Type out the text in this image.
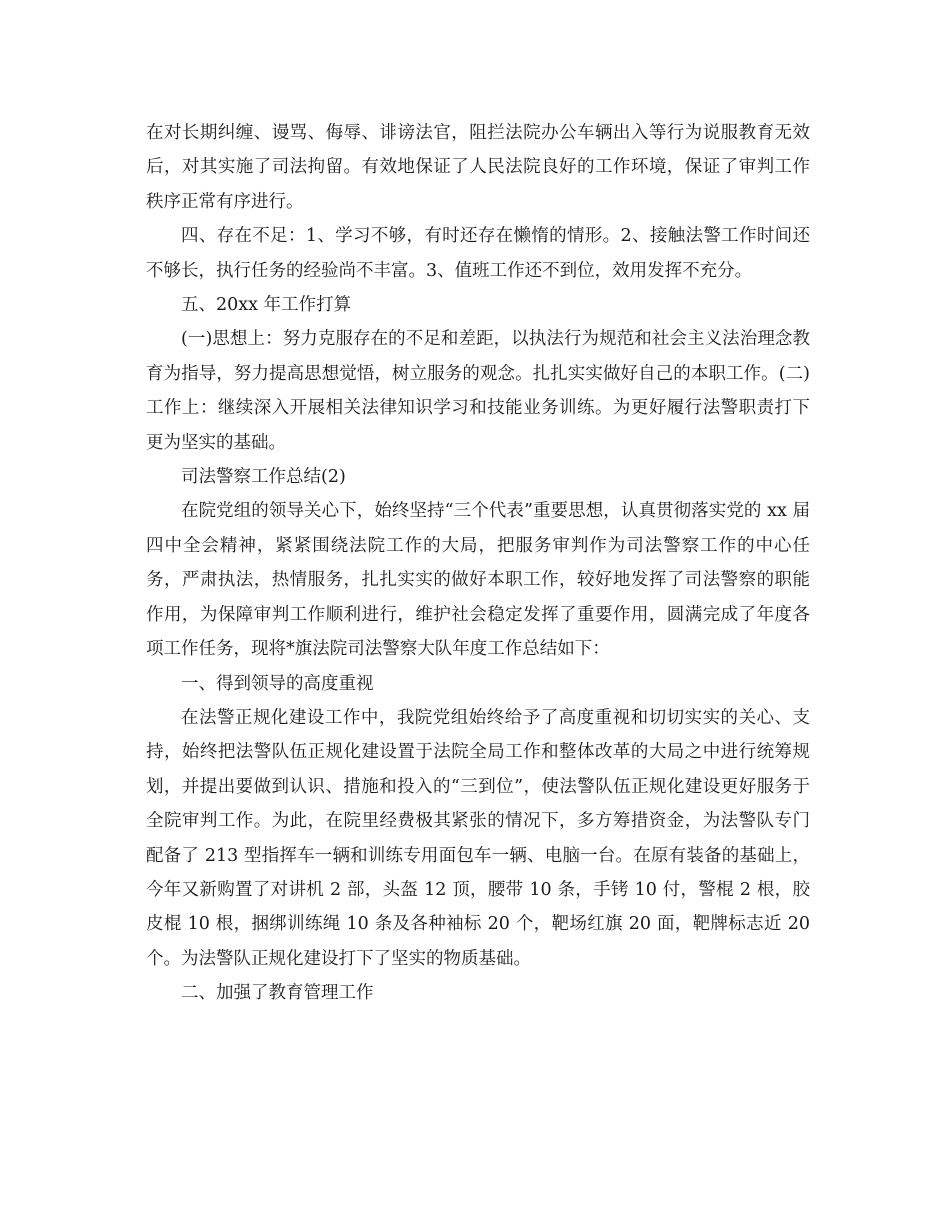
在对长期纠缠、谩骂、侮辱、诽谤法官，阻拦法院办公车辆出入等行为说服教育无效后，对其实施了司法拘留。有效地保证了人民法院良好的工作环境，保证了审判工作秩序正常有序进行。

四、存在不足：1、学习不够，有时还存在懒惰的情形。2、接触法警工作时间还不够长，执行任务的经验尚不丰富。3、值班工作还不到位，效用发挥不充分。

五、20xx 年工作打算

(一)思想上：努力克服存在的不足和差距，以执法行为规范和社会主义法治理念教育为指导，努力提高思想觉悟，树立服务的观念。扎扎实实做好自己的本职工作。(二)工作上：继续深入开展相关法律知识学习和技能业务训练。为更好履行法警职责打下更为坚实的基础。

司法警察工作总结(2)

在院党组的领导关心下，始终坚持“三个代表”重要思想，认真贯彻落实党的 xx 届四中全会精神，紧紧围绕法院工作的大局，把服务审判作为司法警察工作的中心任务，严肃执法，热情服务，扎扎实实的做好本职工作，较好地发挥了司法警察的职能作用，为保障审判工作顺利进行，维护社会稳定发挥了重要作用，圆满完成了年度各项工作任务，现将*旗法院司法警察大队年度工作总结如下：

一、得到领导的高度重视

在法警正规化建设工作中，我院党组始终给予了高度重视和切切实实的关心、支持，始终把法警队伍正规化建设置于法院全局工作和整体改革的大局之中进行统筹规划，并提出要做到认识、措施和投入的“三到位”，使法警队伍正规化建设更好服务于全院审判工作。为此，在院里经费极其紧张的情况下，多方筹措资金，为法警队专门配备了 213 型指挥车一辆和训练专用面包车一辆、电脑一台。在原有装备的基础上，今年又新购置了对讲机 2 部，头盔 12 顶，腰带 10 条，手铐 10 付，警棍 2 根，胶皮棍 10 根，捆绑训练绳 10 条及各种袖标 20 个，靶场红旗 20 面，靶牌标志近 20 个。为法警队正规化建设打下了坚实的物质基础。

二、加强了教育管理工作
